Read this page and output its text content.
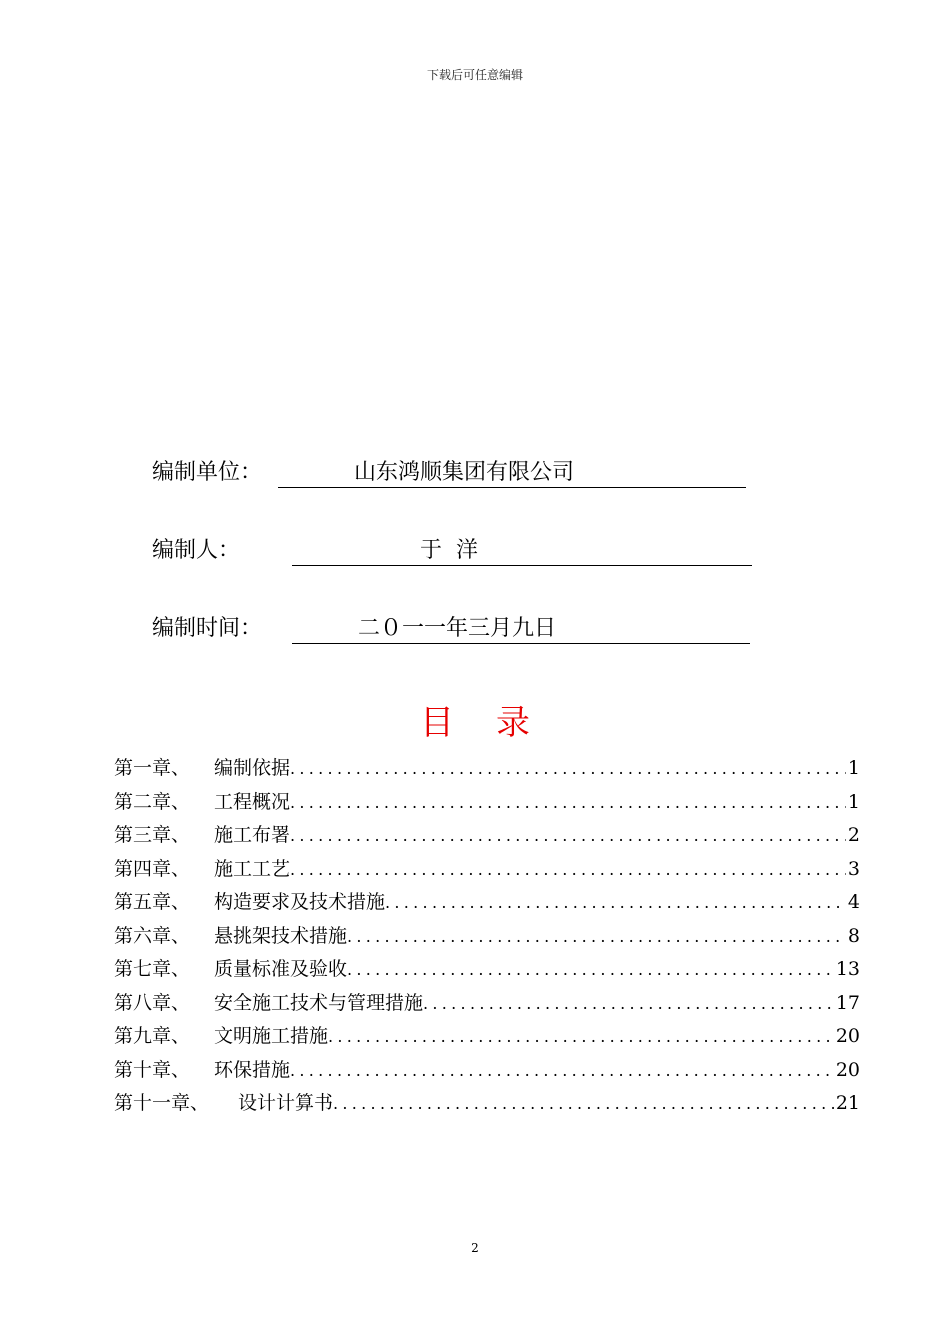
下载后可任意编辑
编制单位：	山东鸿顺集团有限公司
编制人：	于  洋
编制时间：	二０一一年三月九日
目录
第一章、	编制依据 .....	1
第二章、	工程概况 .....	1
第三章、	施工布署 .....	2
第四章、	施工工艺 .....	3
第五章、	构造要求及技术措施 .....	4
第六章、	悬挑架技术措施 .....	8
第七章、	质量标准及验收 .....	13
第八章、	安全施工技术与管理措施 .....	17
第九章、	文明施工措施 .....	20
第十章、	环保措施 .....	20
第十一章、	设计计算书 .....	21
2
